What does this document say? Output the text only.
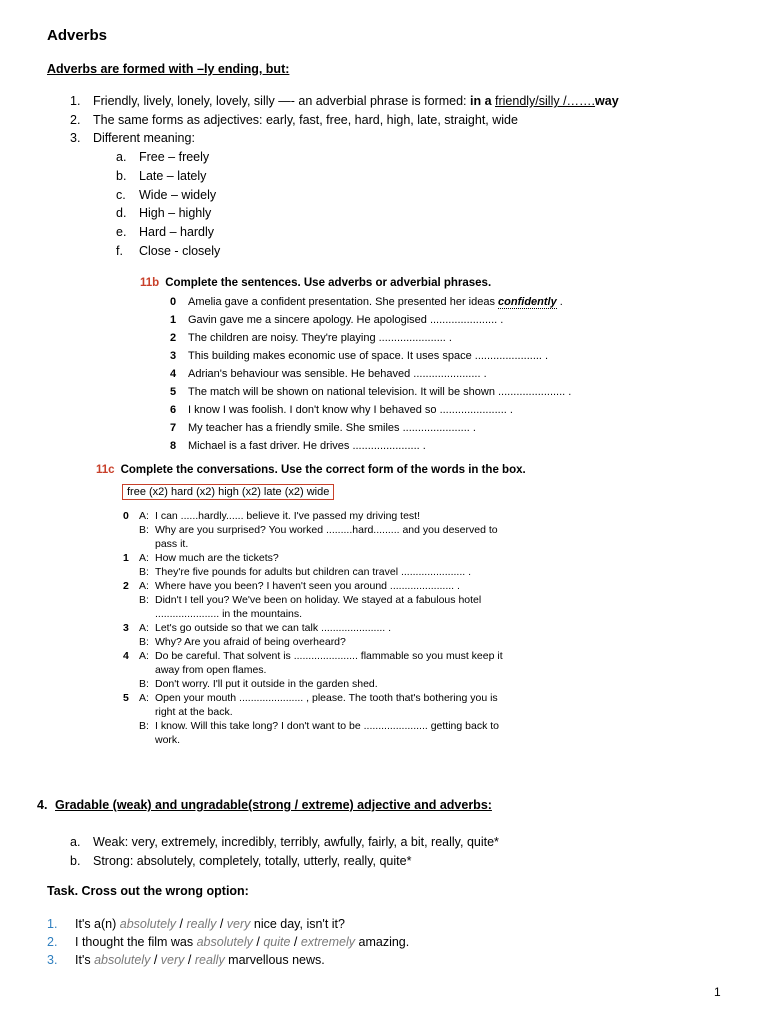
Adverbs
Adverbs are formed with –ly ending, but:
1. Friendly, lively, lonely, lovely, silly —- an adverbial phrase is formed: in a friendly/silly /…….way
2. The same forms as adjectives: early, fast, free, hard, high, late, straight, wide
3. Different meaning:
a. Free – freely
b. Late – lately
c. Wide – widely
d. High – highly
e. Hard – hardly
f. Close - closely
11b Complete the sentences. Use adverbs or adverbial phrases.
0 Amelia gave a confident presentation. She presented her ideas confidently .
1 Gavin gave me a sincere apology. He apologised ...................... .
2 The children are noisy. They're playing ...................... .
3 This building makes economic use of space. It uses space ...................... .
4 Adrian's behaviour was sensible. He behaved ...................... .
5 The match will be shown on national television. It will be shown ...................... .
6 I know I was foolish. I don't know why I behaved so ...................... .
7 My teacher has a friendly smile. She smiles ...................... .
8 Michael is a fast driver. He drives ...................... .
11c Complete the conversations. Use the correct form of the words in the box.
free (x2) hard (x2) high (x2) late (x2) wide
0 A: I can ......hardly...... believe it. I've passed my driving test!
B: Why are you surprised? You worked .........hard......... and you deserved to
pass it.
1 A: How much are the tickets?
B: They're five pounds for adults but children can travel ...................... .
2 A: Where have you been? I haven't seen you around ...................... .
B: Didn't I tell you? We've been on holiday. We stayed at a fabulous hotel
...................... in the mountains.
3 A: Let's go outside so that we can talk ...................... .
B: Why? Are you afraid of being overheard?
4 A: Do be careful. That solvent is ...................... flammable so you must keep it
away from open flames.
B: Don't worry. I'll put it outside in the garden shed.
5 A: Open your mouth ...................... , please. The tooth that's bothering you is
right at the back.
B: I know. Will this take long? I don't want to be ...................... getting back to
work.
4. Gradable (weak) and ungradable(strong / extreme) adjective and adverbs:
a. Weak: very, extremely, incredibly, terribly, awfully, fairly, a bit, really, quite*
b. Strong: absolutely, completely, totally, utterly, really, quite*
Task. Cross out the wrong option:
1. It's a(n) absolutely / really / very nice day, isn't it?
2. I thought the film was absolutely / quite / extremely amazing.
3. It's absolutely / very / really marvellous news.
1
